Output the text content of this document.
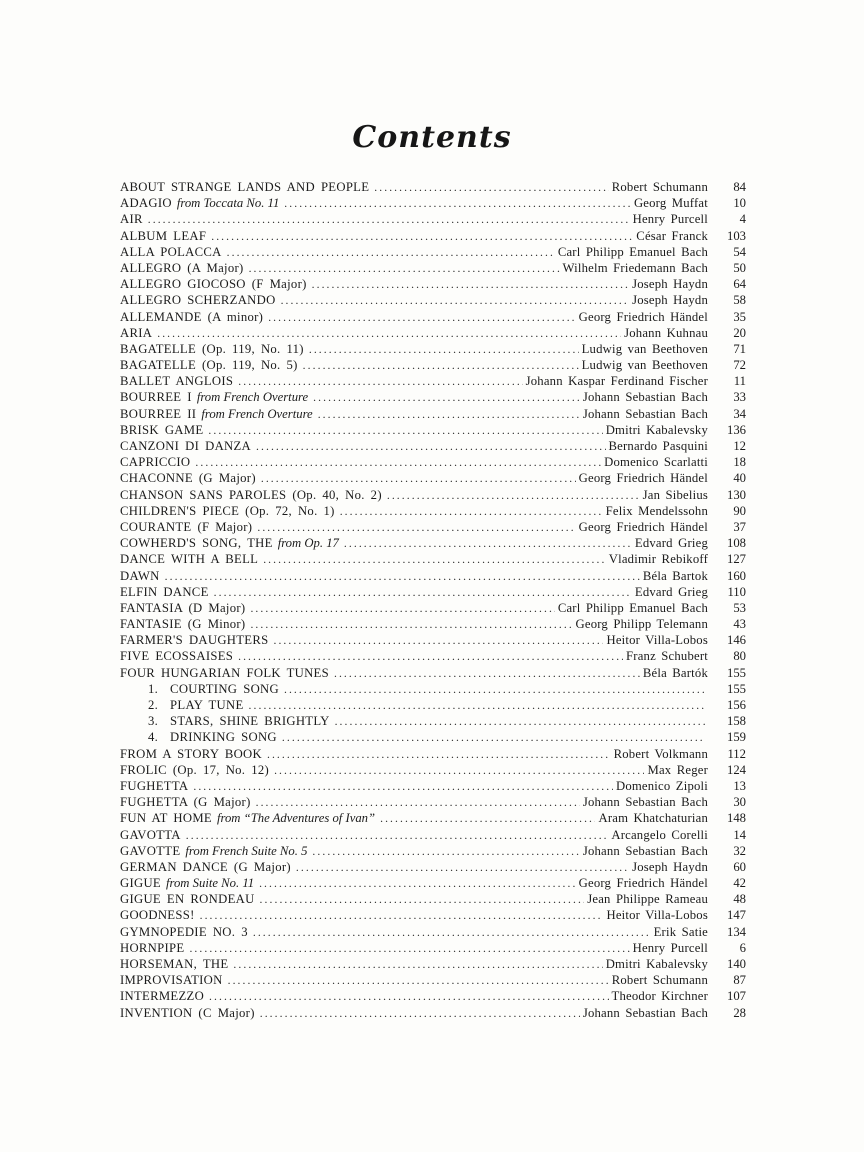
Contents
ABOUT STRANGE LANDS AND PEOPLE .....	Robert Schumann	84
ADAGIO from Toccata No. 11 .....	Georg Muffat	10
AIR .....	Henry Purcell	4
ALBUM LEAF .....	César Franck	103
ALLA POLACCA .....	Carl Philipp Emanuel Bach	54
ALLEGRO (A Major) .....	Wilhelm Friedemann Bach	50
ALLEGRO GIOCOSO (F Major) .....	Joseph Haydn	64
ALLEGRO SCHERZANDO .....	Joseph Haydn	58
ALLEMANDE (A minor) .....	Georg Friedrich Händel	35
ARIA .....	Johann Kuhnau	20
BAGATELLE (Op. 119, No. 11) .....	Ludwig van Beethoven	71
BAGATELLE (Op. 119, No. 5) .....	Ludwig van Beethoven	72
BALLET ANGLOIS .....	Johann Kaspar Ferdinand Fischer	11
BOURREE I from French Overture .....	Johann Sebastian Bach	33
BOURREE II from French Overture .....	Johann Sebastian Bach	34
BRISK GAME .....	Dmitri Kabalevsky	136
CANZONI DI DANZA .....	Bernardo Pasquini	12
CAPRICCIO .....	Domenico Scarlatti	18
CHACONNE (G Major) .....	Georg Friedrich Händel	40
CHANSON SANS PAROLES (Op. 40, No. 2) .....	Jan Sibelius	130
CHILDREN'S PIECE (Op. 72, No. 1) .....	Felix Mendelssohn	90
COURANTE (F Major) .....	Georg Friedrich Händel	37
COWHERD'S SONG, THE from Op. 17 .....	Edvard Grieg	108
DANCE WITH A BELL .....	Vladimir Rebikoff	127
DAWN .....	Béla Bartok	160
ELFIN DANCE .....	Edvard Grieg	110
FANTASIA (D Major) .....	Carl Philipp Emanuel Bach	53
FANTASIE (G Minor) .....	Georg Philipp Telemann	43
FARMER'S DAUGHTERS .....	Heitor Villa-Lobos	146
FIVE ECOSSAISES .....	Franz Schubert	80
FOUR HUNGARIAN FOLK TUNES .....	Béla Bartók	155
1.  COURTING SONG .....	155
2.  PLAY TUNE .....	156
3.  STARS, SHINE BRIGHTLY .....	158
4.  DRINKING SONG .....	159
FROM A STORY BOOK .....	Robert Volkmann	112
FROLIC (Op. 17, No. 12) .....	Max Reger	124
FUGHETTA .....	Domenico Zipoli	13
FUGHETTA (G Major) .....	Johann Sebastian Bach	30
FUN AT HOME from “The Adventures of Ivan” .....	Aram Khatchaturian	148
GAVOTTA .....	Arcangelo Corelli	14
GAVOTTE from French Suite No. 5 .....	Johann Sebastian Bach	32
GERMAN DANCE (G Major) .....	Joseph Haydn	60
GIGUE from Suite No. 11 .....	Georg Friedrich Händel	42
GIGUE EN RONDEAU .....	Jean Philippe Rameau	48
GOODNESS! .....	Heitor Villa-Lobos	147
GYMNOPEDIE NO. 3 .....	Erik Satie	134
HORNPIPE .....	Henry Purcell	6
HORSEMAN, THE .....	Dmitri Kabalevsky	140
IMPROVISATION .....	Robert Schumann	87
INTERMEZZO .....	Theodor Kirchner	107
INVENTION (C Major) .....	Johann Sebastian Bach	28
